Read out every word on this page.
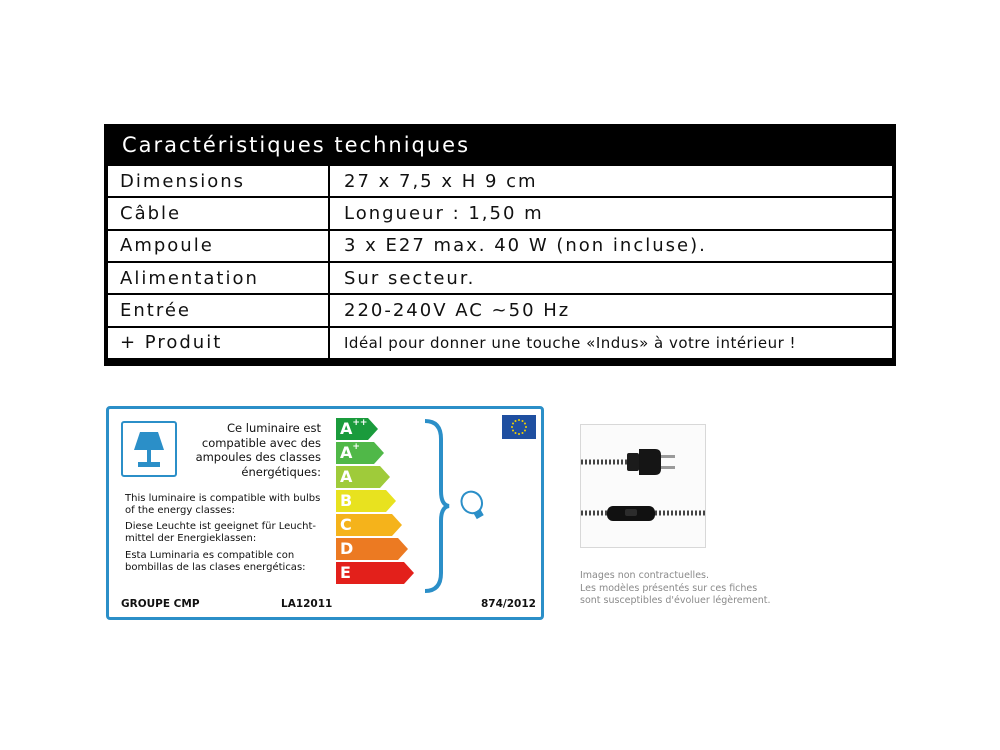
Caractéristiques techniques
Dimensions	27 x 7,5 x H 9 cm
Câble	Longueur : 1,50 m
Ampoule	3 x E27 max. 40 W (non incluse).
Alimentation	Sur secteur.
Entrée	220-240V AC ~50 Hz
+ Produit	Idéal pour donner une touche «Indus» à votre intérieur !
Ce luminaire est compatible avec des ampoules des classes énergétiques:
This luminaire is compatible with bulbs of the energy classes:
Diese Leuchte ist geeignet für Leucht-mittel der Energieklassen:
Esta Luminaria es compatible con bombillas de las clases energéticas:
A++
A+
A
B
C
D
E
GROUPE CMP	LA12011	874/2012
Images non contractuelles.
Les modèles présentés sur ces fiches
sont susceptibles d'évoluer légèrement.
